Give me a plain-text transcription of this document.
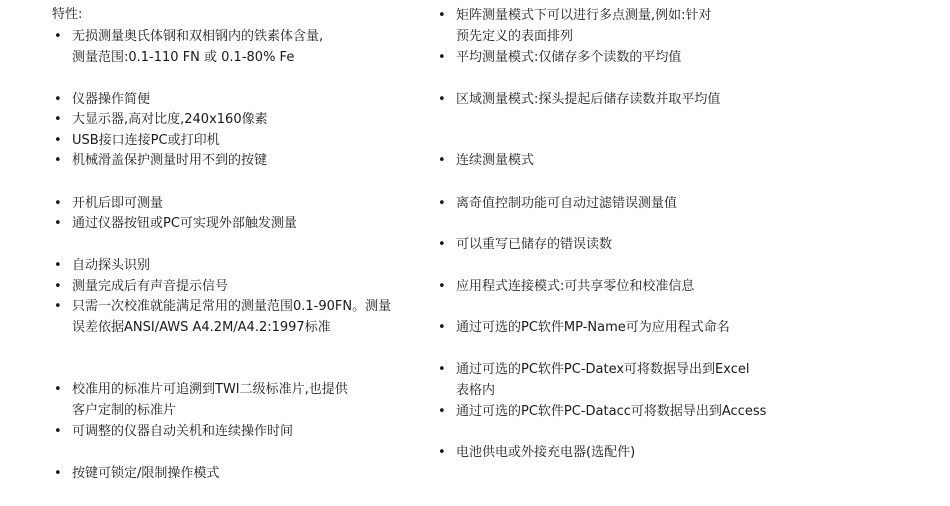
特性:
• 无损测量奥氏体钢和双相钢内的铁素体含量,
测量范围:0.1-110 FN 或 0.1-80% Fe
• 仪器操作简便
• 大显示器,高对比度,240x160像素
• USB接口连接PC或打印机
• 机械滑盖保护测量时用不到的按键
• 开机后即可测量
• 通过仪器按钮或PC可实现外部触发测量
• 自动探头识别
• 测量完成后有声音提示信号
• 只需一次校准就能满足常用的测量范围0.1-90FN。测量
误差依据ANSI/AWS A4.2M/A4.2:1997标准
• 校准用的标准片可追溯到TWI二级标准片,也提供
客户定制的标准片
• 可调整的仪器自动关机和连续操作时间
• 按键可锁定/限制操作模式
• 矩阵测量模式下可以进行多点测量,例如:针对
预先定义的表面排列
• 平均测量模式:仅储存多个读数的平均值
• 区域测量模式:探头提起后储存读数并取平均值
• 连续测量模式
• 离奇值控制功能可自动过滤错误测量值
• 可以重写已储存的错误读数
• 应用程式连接模式:可共享零位和校准信息
• 通过可选的PC软件MP-Name可为应用程式命名
• 通过可选的PC软件PC-Datex可将数据导出到Excel
表格内
• 通过可选的PC软件PC-Datacc可将数据导出到Access
• 电池供电或外接充电器(选配件)
